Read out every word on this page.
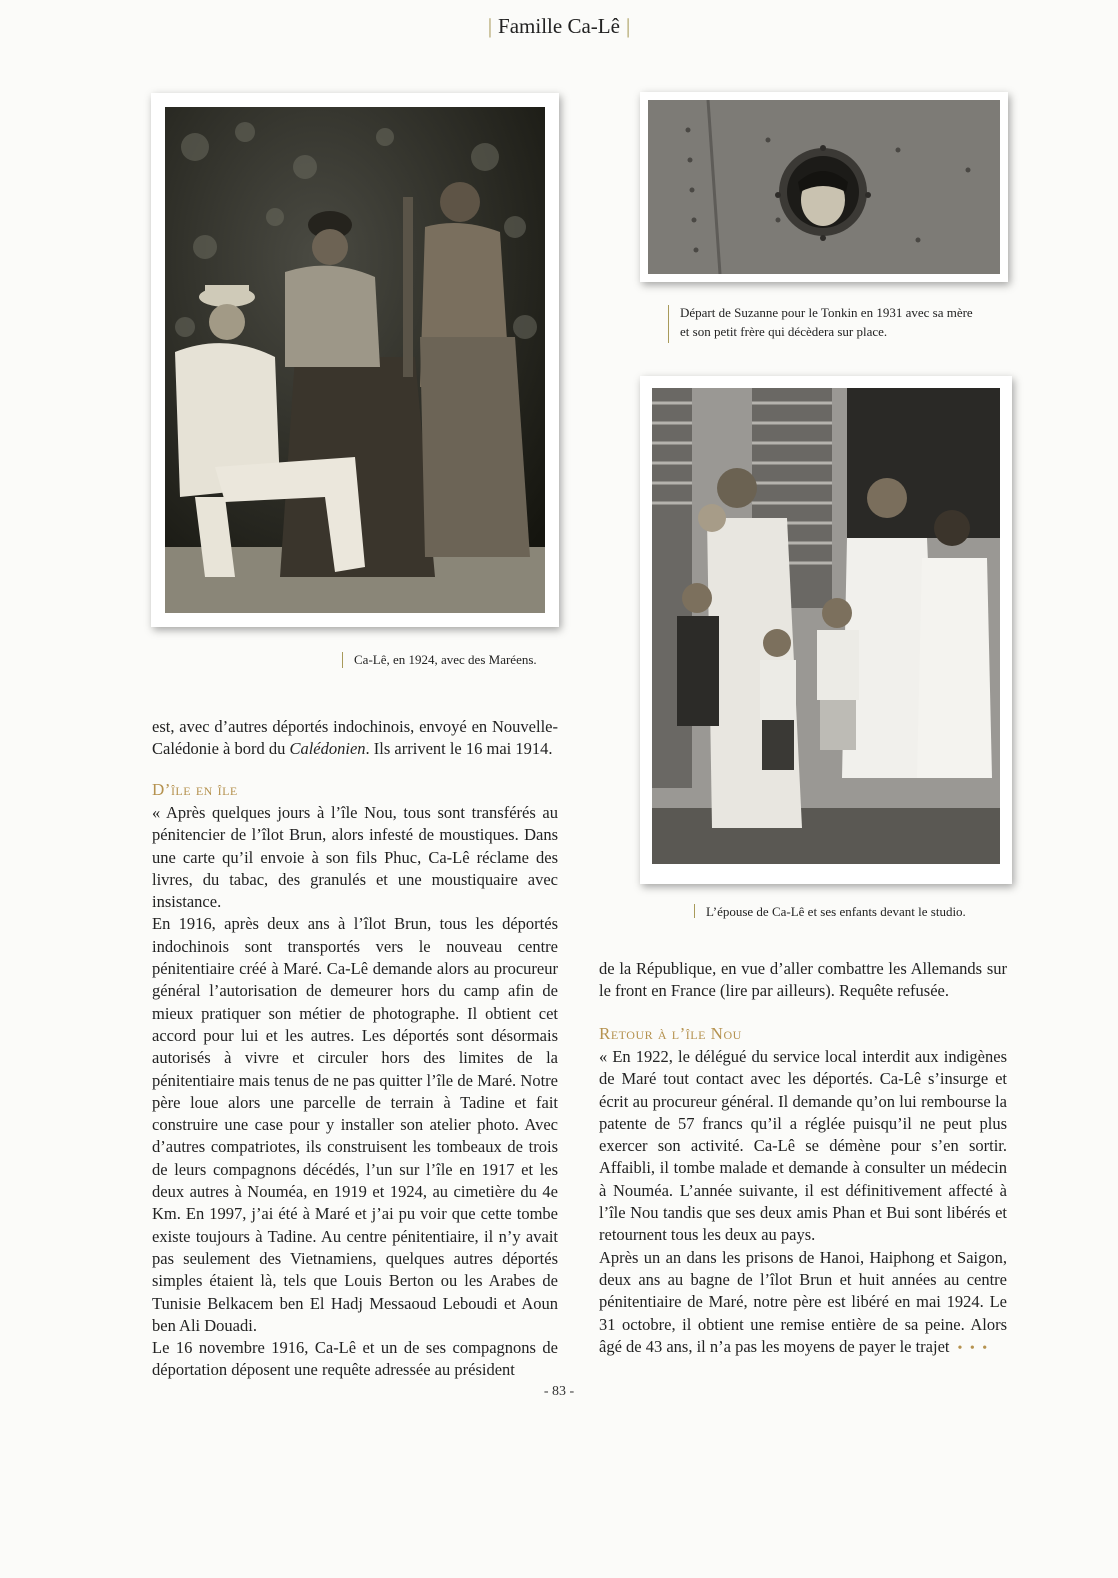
| Famille Ca-Lê |
Ca-Lê, en 1924, avec des Maréens.
Départ de Suzanne pour le Tonkin en 1931 avec sa mère
et son petit frère qui décèdera sur place.
L’épouse de Ca-Lê et ses enfants devant le studio.

est, avec d’autres déportés indochinois, envoyé en Nouvelle-Calédonie à bord du Calédonien. Ils arrivent le 16 mai 1914.

D’île en île

« Après quelques jours à l’île Nou, tous sont transférés au pénitencier de l’îlot Brun, alors infesté de moustiques. Dans une carte qu’il envoie à son fils Phuc, Ca-Lê réclame des livres, du tabac, des granulés et une moustiquaire avec insistance.

En 1916, après deux ans à l’îlot Brun, tous les déportés indochinois sont transportés vers le nouveau centre pénitentiaire créé à Maré. Ca-Lê demande alors au procureur général l’autorisation de demeurer hors du camp afin de mieux pratiquer son métier de photographe. Il obtient cet accord pour lui et les autres. Les déportés sont désormais autorisés à vivre et circuler hors des limites de la pénitentiaire mais tenus de ne pas quitter l’île de Maré. Notre père loue alors une parcelle de terrain à Tadine et fait construire une case pour y installer son atelier photo. Avec d’autres compatriotes, ils construisent les tombeaux de trois de leurs compagnons décédés, l’un sur l’île en 1917 et les deux autres à Nouméa, en 1919 et 1924, au cimetière du 4e Km. En 1997, j’ai été à Maré et j’ai pu voir que cette tombe existe toujours à Tadine. Au centre pénitentiaire, il n’y avait pas seulement des Vietnamiens, quelques autres déportés simples étaient là, tels que Louis Berton ou les Arabes de Tunisie Belkacem ben El Hadj Messaoud Leboudi et Aoun ben Ali Douadi.

Le 16 novembre 1916, Ca-Lê et un de ses compagnons de déportation déposent une requête adressée au président

de la République, en vue d’aller combattre les Allemands sur le front en France (lire par ailleurs). Requête refusée.

Retour à l’île Nou

« En 1922, le délégué du service local interdit aux indigènes de Maré tout contact avec les déportés. Ca-Lê s’insurge et écrit au procureur général. Il demande qu’on lui rembourse la patente de 57 francs qu’il a réglée puisqu’il ne peut plus exercer son activité. Ca-Lê se démène pour s’en sortir. Affaibli, il tombe malade et demande à consulter un médecin à Nouméa. L’année suivante, il est définitivement affecté à l’île Nou tandis que ses deux amis Phan et Bui sont libérés et retournent tous les deux au pays.

Après un an dans les prisons de Hanoi, Haiphong et Saigon, deux ans au bagne de l’îlot Brun et huit années au centre pénitentiaire de Maré, notre père est libéré en mai 1924. Le 31 octobre, il obtient une remise entière de sa peine. Alors âgé de 43 ans, il n’a pas les moyens de payer le trajet • • •

- 83 -
